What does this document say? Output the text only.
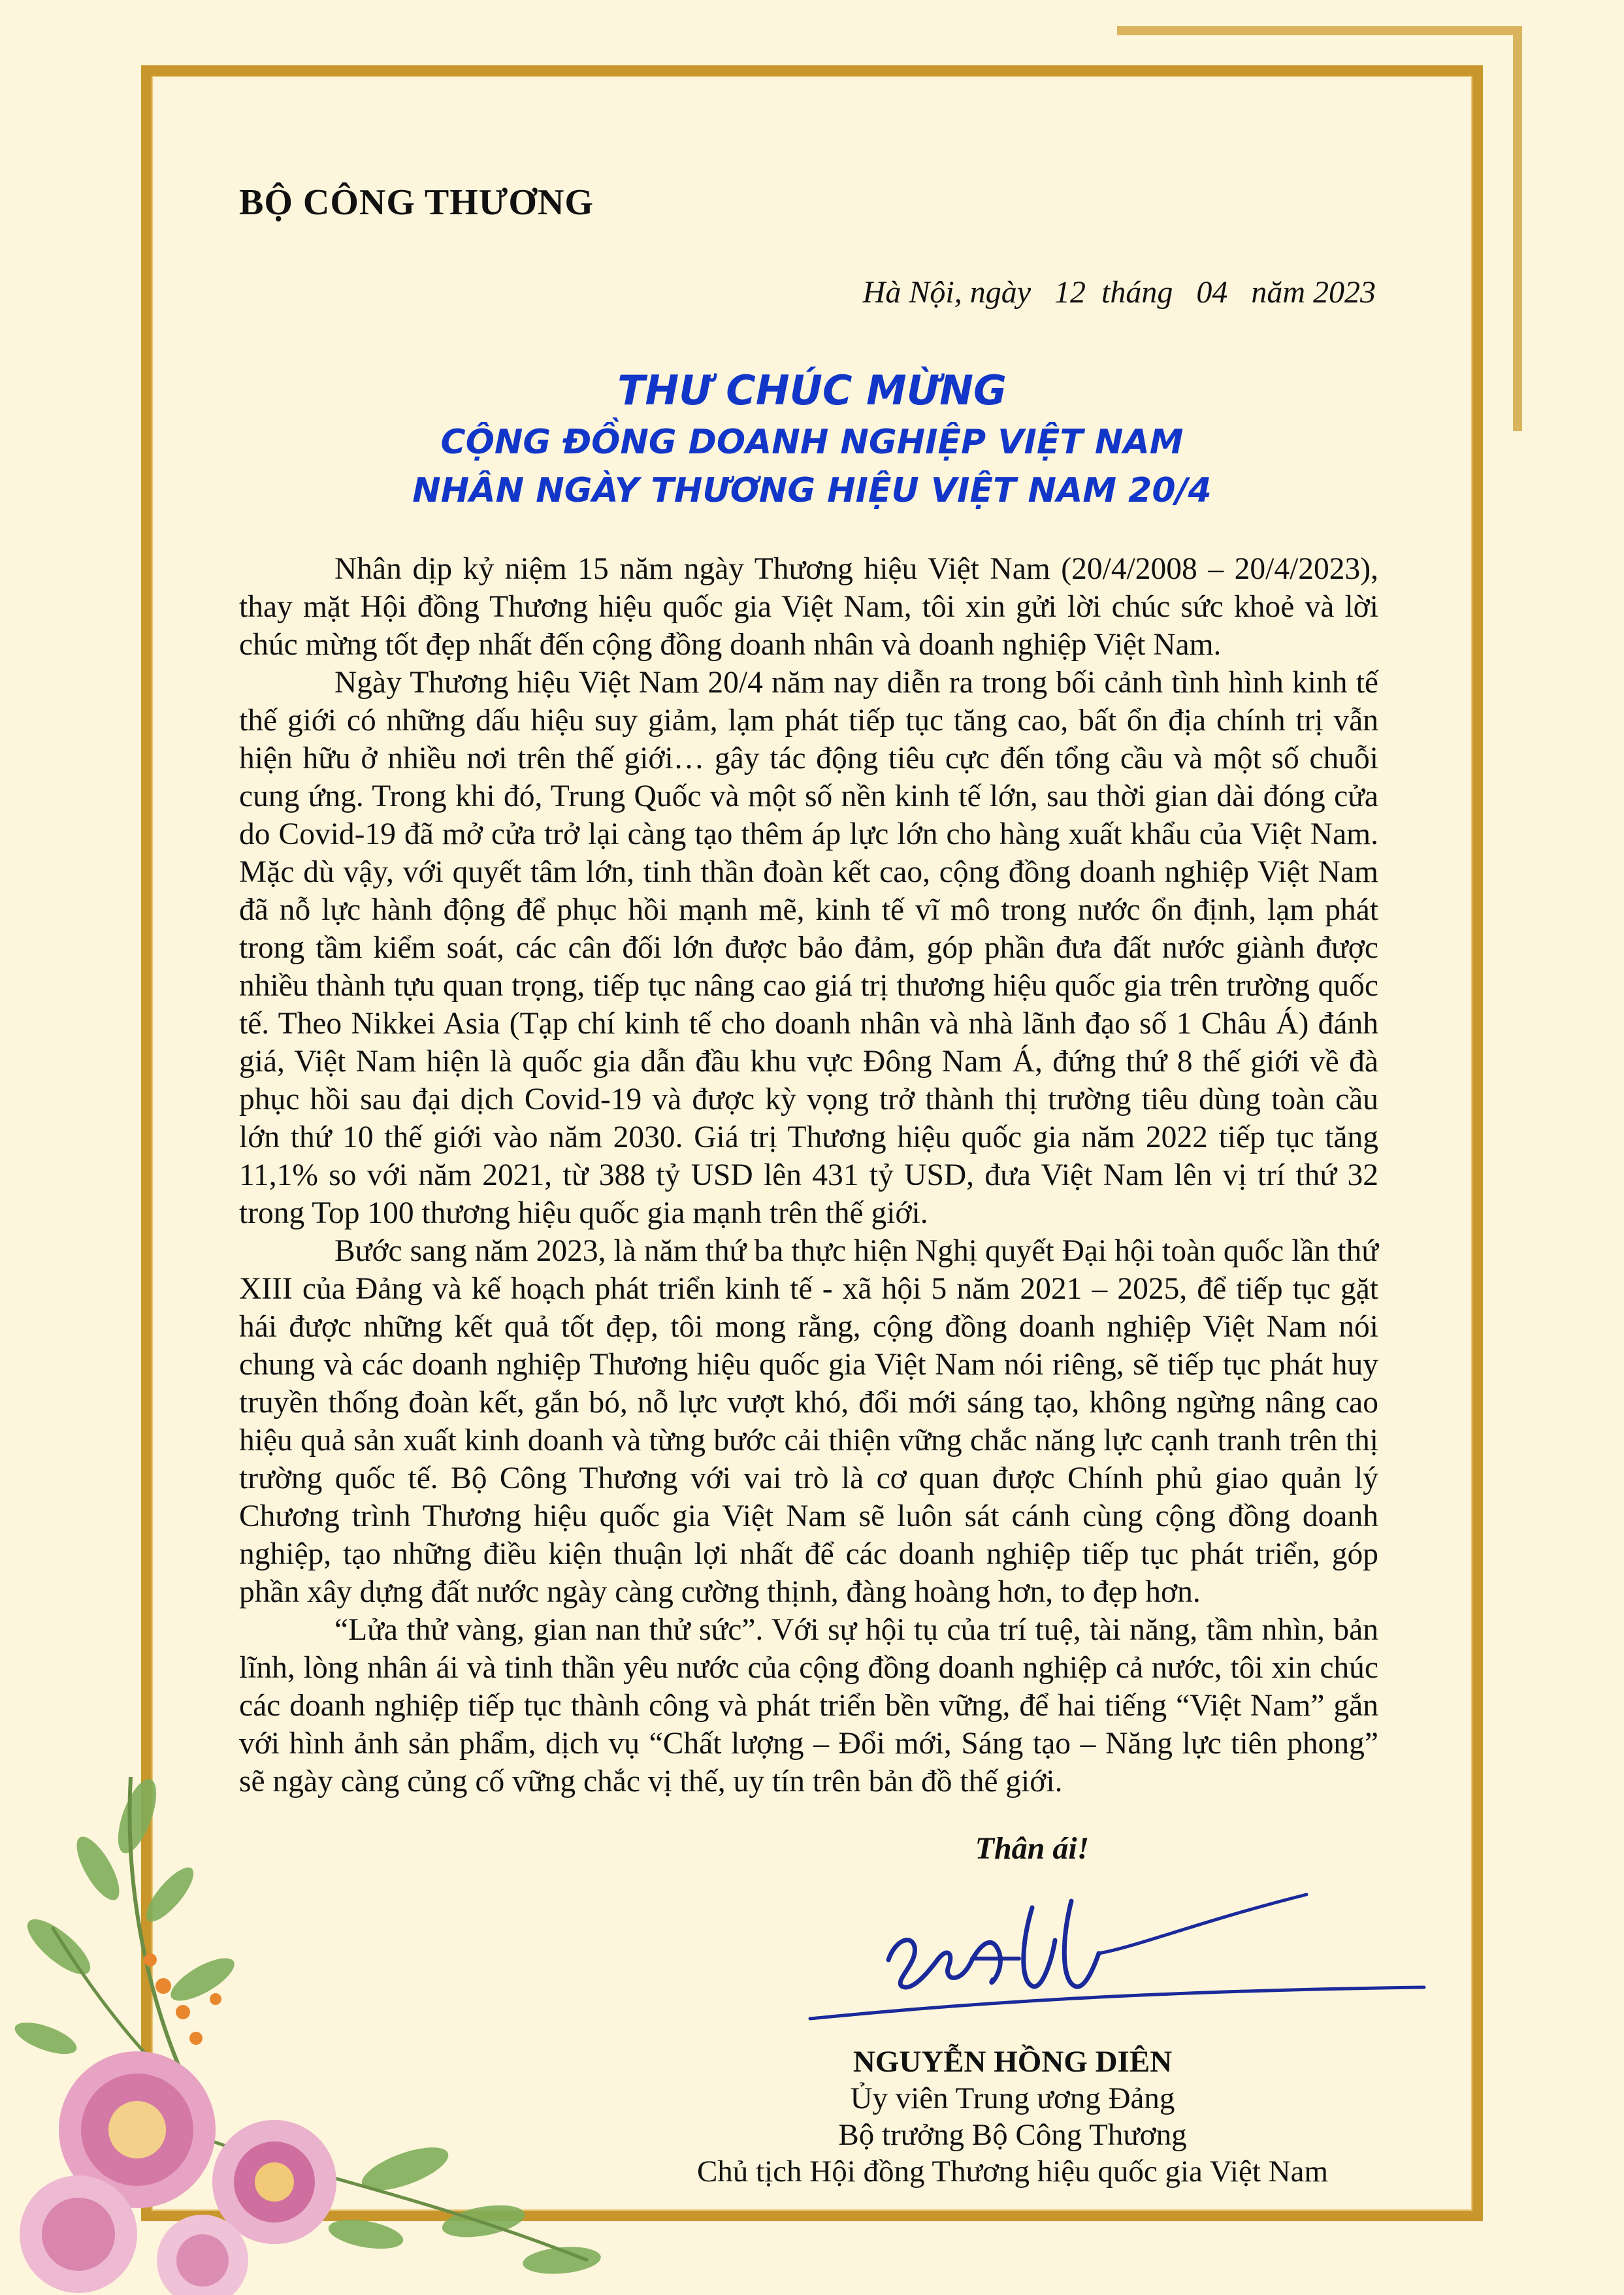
BỘ CÔNG THƯƠNG
Hà Nội, ngày   12  tháng   04   năm 2023
THƯ CHÚC MỪNG
CỘNG ĐỒNG DOANH NGHIỆP VIỆT NAM
NHÂN NGÀY THƯƠNG HIỆU VIỆT NAM 20/4

Nhân dịp kỷ niệm 15 năm ngày Thương hiệu Việt Nam (20/4/2008 – 20/4/2023), thay mặt Hội đồng Thương hiệu quốc gia Việt Nam, tôi xin gửi lời chúc sức khoẻ và lời chúc mừng tốt đẹp nhất đến cộng đồng doanh nhân và doanh nghiệp Việt Nam.

Ngày Thương hiệu Việt Nam 20/4 năm nay diễn ra trong bối cảnh tình hình kinh tế thế giới có những dấu hiệu suy giảm, lạm phát tiếp tục tăng cao, bất ổn địa chính trị vẫn hiện hữu ở nhiều nơi trên thế giới… gây tác động tiêu cực đến tổng cầu và một số chuỗi cung ứng. Trong khi đó, Trung Quốc và một số nền kinh tế lớn, sau thời gian dài đóng cửa do Covid-19 đã mở cửa trở lại càng tạo thêm áp lực lớn cho hàng xuất khẩu của Việt Nam. Mặc dù vậy, với quyết tâm lớn, tinh thần đoàn kết cao, cộng đồng doanh nghiệp Việt Nam đã nỗ lực hành động để phục hồi mạnh mẽ, kinh tế vĩ mô trong nước ổn định, lạm phát trong tầm kiểm soát, các cân đối lớn được bảo đảm, góp phần đưa đất nước giành được nhiều thành tựu quan trọng, tiếp tục nâng cao giá trị thương hiệu quốc gia trên trường quốc tế. Theo Nikkei Asia (Tạp chí kinh tế cho doanh nhân và nhà lãnh đạo số 1 Châu Á) đánh giá, Việt Nam hiện là quốc gia dẫn đầu khu vực Đông Nam Á, đứng thứ 8 thế giới về đà phục hồi sau đại dịch Covid-19 và được kỳ vọng trở thành thị trường tiêu dùng toàn cầu lớn thứ 10 thế giới vào năm 2030. Giá trị Thương hiệu quốc gia năm 2022 tiếp tục tăng 11,1% so với năm 2021, từ 388 tỷ USD lên 431 tỷ USD, đưa Việt Nam lên vị trí thứ 32 trong Top 100 thương hiệu quốc gia mạnh trên thế giới.

Bước sang năm 2023, là năm thứ ba thực hiện Nghị quyết Đại hội toàn quốc lần thứ XIII của Đảng và kế hoạch phát triển kinh tế - xã hội 5 năm 2021 – 2025, để tiếp tục gặt hái được những kết quả tốt đẹp, tôi mong rằng, cộng đồng doanh nghiệp Việt Nam nói chung và các doanh nghiệp Thương hiệu quốc gia Việt Nam nói riêng, sẽ tiếp tục phát huy truyền thống đoàn kết, gắn bó, nỗ lực vượt khó, đổi mới sáng tạo, không ngừng nâng cao hiệu quả sản xuất kinh doanh và từng bước cải thiện vững chắc năng lực cạnh tranh trên thị trường quốc tế. Bộ Công Thương với vai trò là cơ quan được Chính phủ giao quản lý Chương trình Thương hiệu quốc gia Việt Nam sẽ luôn sát cánh cùng cộng đồng doanh nghiệp, tạo những điều kiện thuận lợi nhất để các doanh nghiệp tiếp tục phát triển, góp phần xây dựng đất nước ngày càng cường thịnh, đàng hoàng hơn, to đẹp hơn.

“Lửa thử vàng, gian nan thử sức”. Với sự hội tụ của trí tuệ, tài năng, tầm nhìn, bản lĩnh, lòng nhân ái và tinh thần yêu nước của cộng đồng doanh nghiệp cả nước, tôi xin chúc các doanh nghiệp tiếp tục thành công và phát triển bền vững, để hai tiếng “Việt Nam” gắn với hình ảnh sản phẩm, dịch vụ “Chất lượng – Đổi mới, Sáng tạo – Năng lực tiên phong” sẽ ngày càng củng cố vững chắc vị thế, uy tín trên bản đồ thế giới.

Thân ái!
NGUYỄN HỒNG DIÊN
Ủy viên Trung ương Đảng
Bộ trưởng Bộ Công Thương
Chủ tịch Hội đồng Thương hiệu quốc gia Việt Nam
